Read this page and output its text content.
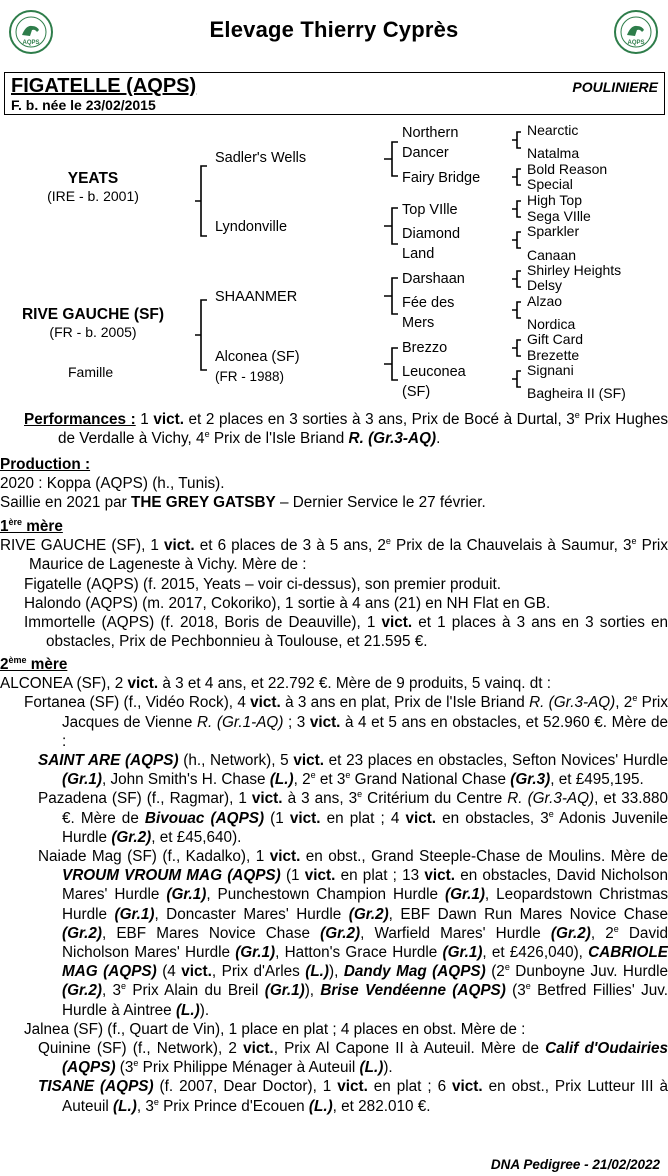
AQPS
Elevage Thierry Cyprès
AQPS
FIGATELLE (AQPS)	POULINIERE
F. b. née le 23/02/2015
YEATS
(IRE - b. 2001)
RIVE GAUCHE (SF)
(FR - b. 2005)
Famille
Sadler's Wells
Lyndonville
SHAANMER
Alconea (SF)
(FR - 1988)
Northern
Dancer
Fairy Bridge
Top VIlle
Diamond
Land
Darshaan
Fée des
Mers
Brezzo
Leuconea
(SF)
Nearctic
Natalma
Bold Reason
Special
High Top
Sega VIlle
Sparkler
Canaan
Shirley Heights
Delsy
Alzao
Nordica
Gift Card
Brezette
Signani
Bagheira II (SF)
Performances : 1 vict. et 2 places en 3 sorties à 3 ans, Prix de Bocé à Durtal, 3e Prix Hughes de Verdalle à Vichy, 4e Prix de l'Isle Briand R. (Gr.3-AQ).
Production :
2020 : Koppa (AQPS) (h., Tunis).
Saillie en 2021 par THE GREY GATSBY – Dernier Service le 27 février.
1ère mère
RIVE GAUCHE (SF), 1 vict. et 6 places de 3 à 5 ans, 2e Prix de la Chauvelais à Saumur, 3e Prix Maurice de Lageneste à Vichy. Mère de :
Figatelle (AQPS) (f. 2015, Yeats – voir ci-dessus), son premier produit.
Halondo (AQPS) (m. 2017, Cokoriko), 1 sortie à 4 ans (21) en NH Flat en GB.
Immortelle (AQPS) (f. 2018, Boris de Deauville), 1 vict. et 1 places à 3 ans en 3 sorties en obstacles, Prix de Pechbonnieu à Toulouse, et 21.595 €.
2ème mère
ALCONEA (SF), 2 vict. à 3 et 4 ans, et 22.792 €. Mère de 9 produits, 5 vainq. dt :
Fortanea (SF) (f., Vidéo Rock), 4 vict. à 3 ans en plat, Prix de l'Isle Briand R. (Gr.3-AQ), 2e Prix Jacques de Vienne R. (Gr.1-AQ) ; 3 vict. à 4 et 5 ans en obstacles, et 52.960 €. Mère de :
SAINT ARE (AQPS) (h., Network), 5 vict. et 23 places en obstacles, Sefton Novices' Hurdle (Gr.1), John Smith's H. Chase (L.), 2e et 3e Grand National Chase (Gr.3), et £495,195.
Pazadena (SF) (f., Ragmar), 1 vict. à 3 ans, 3e Critérium du Centre R. (Gr.3-AQ), et 33.880 €. Mère de Bivouac (AQPS) (1 vict. en plat ; 4 vict. en obstacles, 3e Adonis Juvenile Hurdle (Gr.2), et £45,640).
Naiade Mag (SF) (f., Kadalko), 1 vict. en obst., Grand Steeple-Chase de Moulins. Mère de VROUM VROUM MAG (AQPS) (1 vict. en plat ; 13 vict. en obstacles, David Nicholson Mares' Hurdle (Gr.1), Punchestown Champion Hurdle (Gr.1), Leopardstown Christmas Hurdle (Gr.1), Doncaster Mares' Hurdle (Gr.2), EBF Dawn Run Mares Novice Chase (Gr.2), EBF Mares Novice Chase (Gr.2), Warfield Mares' Hurdle (Gr.2), 2e David Nicholson Mares' Hurdle (Gr.1), Hatton's Grace Hurdle (Gr.1), et £426,040), CABRIOLE MAG (AQPS) (4 vict., Prix d'Arles (L.)), Dandy Mag (AQPS) (2e Dunboyne Juv. Hurdle (Gr.2), 3e Prix Alain du Breil (Gr.1)), Brise Vendéenne (AQPS) (3e Betfred Fillies' Juv. Hurdle à Aintree (L.)).
Jalnea (SF) (f., Quart de Vin), 1 place en plat ; 4 places en obst. Mère de :
Quinine (SF) (f., Network), 2 vict., Prix Al Capone II à Auteuil. Mère de Calif d'Oudairies (AQPS) (3e Prix Philippe Ménager à Auteuil (L.)).
TISANE (AQPS) (f. 2007, Dear Doctor), 1 vict. en plat ; 6 vict. en obst., Prix Lutteur III à Auteuil (L.), 3e Prix Prince d'Ecouen (L.), et 282.010 €.
DNA Pedigree - 21/02/2022
